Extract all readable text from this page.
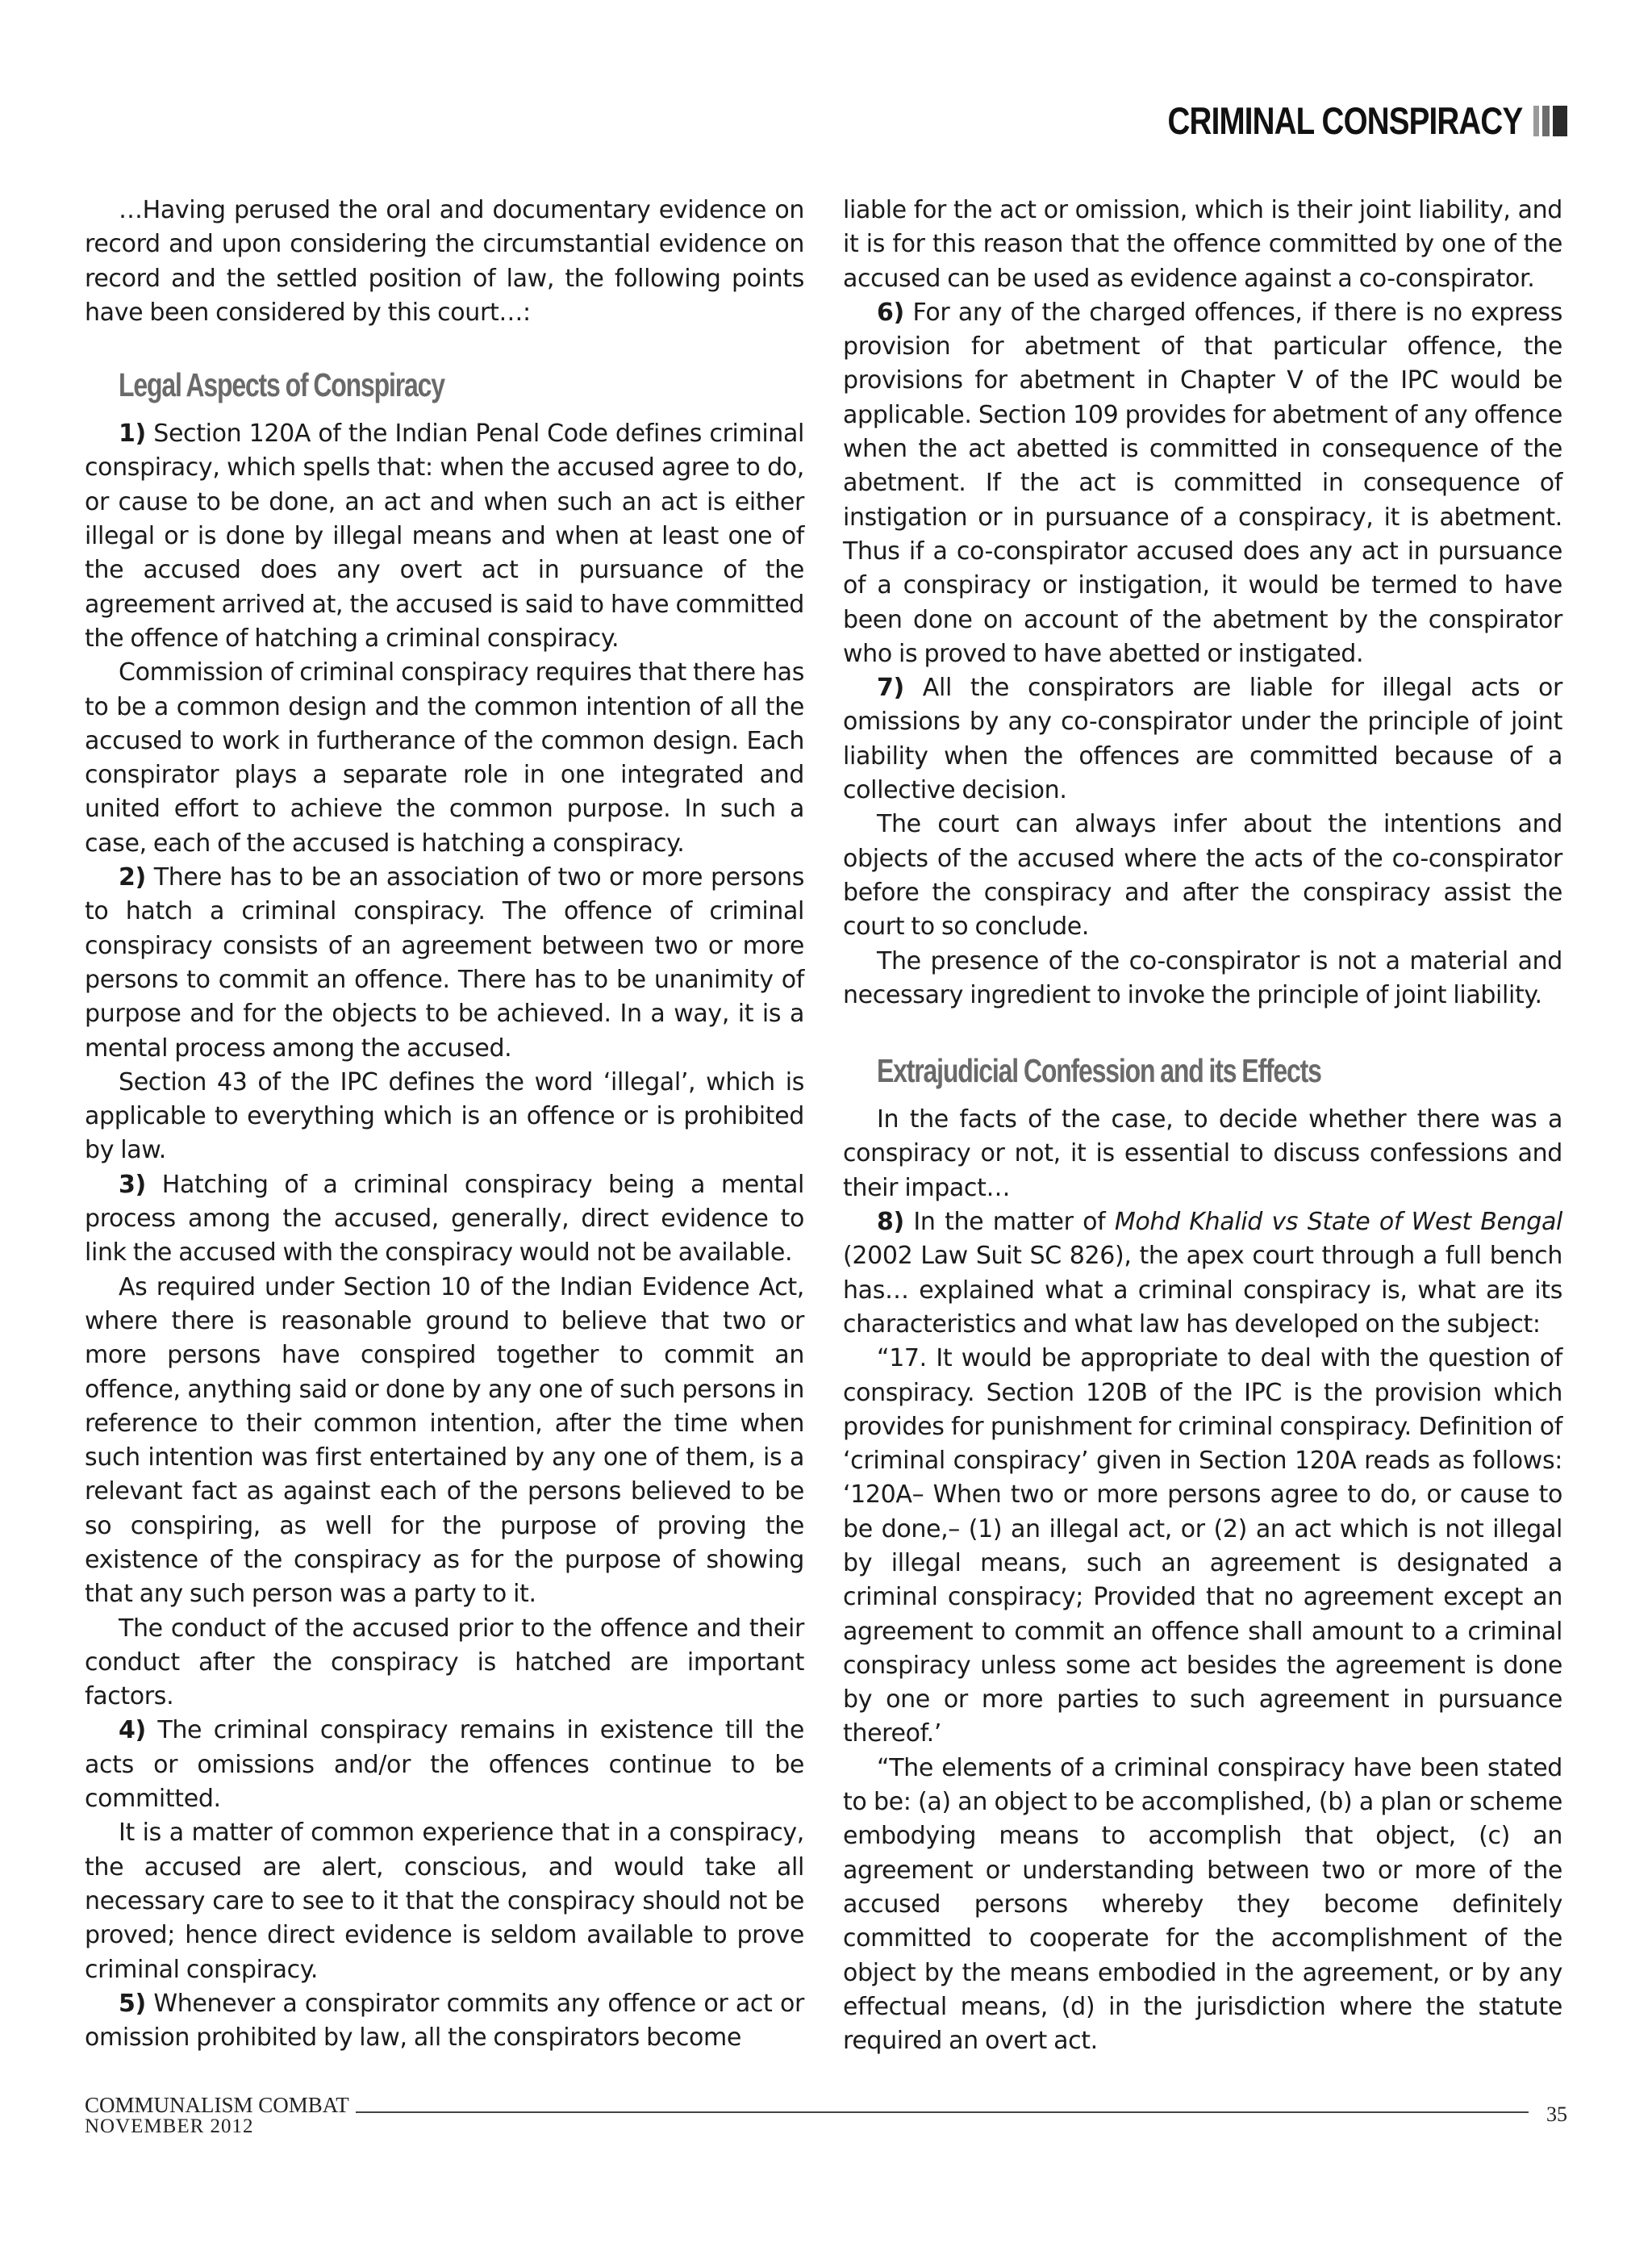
CRIMINAL CONSPIRACY

…Having perused the oral and documentary evidence on record and upon considering the circumstantial evidence on record and the settled position of law, the following points have been considered by this court…:

Legal Aspects of Conspiracy

1) Section 120A of the Indian Penal Code defines criminal conspiracy, which spells that: when the accused agree to do, or cause to be done, an act and when such an act is either illegal or is done by illegal means and when at least one of the accused does any overt act in pursuance of the agreement arrived at, the accused is said to have committed the offence of hatching a criminal conspiracy.

Commission of criminal conspiracy requires that there has to be a common design and the common intention of all the accused to work in furtherance of the common design. Each conspirator plays a separate role in one integrated and united effort to achieve the common purpose. In such a case, each of the accused is hatching a conspiracy.

2) There has to be an association of two or more persons to hatch a criminal conspiracy. The offence of criminal conspiracy consists of an agreement between two or more persons to commit an offence. There has to be unanimity of purpose and for the objects to be achieved. In a way, it is a mental process among the accused.

Section 43 of the IPC defines the word ‘illegal’, which is applicable to everything which is an offence or is prohibited by law.

3) Hatching of a criminal conspiracy being a mental process among the accused, generally, direct evidence to link the accused with the conspiracy would not be available.

As required under Section 10 of the Indian Evidence Act, where there is reasonable ground to believe that two or more persons have conspired together to commit an offence, anything said or done by any one of such persons in reference to their common intention, after the time when such intention was first entertained by any one of them, is a relevant fact as against each of the persons believed to be so conspiring, as well for the purpose of proving the existence of the conspiracy as for the purpose of showing that any such person was a party to it.

The conduct of the accused prior to the offence and their conduct after the conspiracy is hatched are important factors.

4) The criminal conspiracy remains in existence till the acts or omissions and/or the offences continue to be committed.

It is a matter of common experience that in a conspiracy, the accused are alert, conscious, and would take all necessary care to see to it that the conspiracy should not be proved; hence direct evidence is seldom available to prove criminal conspiracy.

5) Whenever a conspirator commits any offence or act or omission prohibited by law, all the conspirators become

liable for the act or omission, which is their joint liability, and it is for this reason that the offence committed by one of the accused can be used as evidence against a co-conspirator.

6) For any of the charged offences, if there is no express provision for abetment of that particular offence, the provisions for abetment in Chapter V of the IPC would be applicable. Section 109 provides for abetment of any offence when the act abetted is committed in consequence of the abetment. If the act is committed in consequence of instigation or in pursuance of a conspiracy, it is abetment. Thus if a co-conspirator accused does any act in pursuance of a conspiracy or instigation, it would be termed to have been done on account of the abetment by the conspirator who is proved to have abetted or instigated.

7) All the conspirators are liable for illegal acts or omissions by any co-conspirator under the principle of joint liability when the offences are committed because of a collective decision.

The court can always infer about the intentions and objects of the accused where the acts of the co-conspirator before the conspiracy and after the conspiracy assist the court to so conclude.

The presence of the co-conspirator is not a material and necessary ingredient to invoke the principle of joint liability.

Extrajudicial Confession and its Effects

In the facts of the case, to decide whether there was a conspiracy or not, it is essential to discuss confessions and their impact…

8) In the matter of Mohd Khalid vs State of West Bengal (2002 Law Suit SC 826), the apex court through a full bench has… explained what a criminal conspiracy is, what are its characteristics and what law has developed on the subject:

“17. It would be appropriate to deal with the question of conspiracy. Section 120B of the IPC is the provision which provides for punishment for criminal conspiracy. Definition of ‘criminal conspiracy’ given in Section 120A reads as follows: ‘120A– When two or more persons agree to do, or cause to be done,– (1) an illegal act, or (2) an act which is not illegal by illegal means, such an agreement is designated a criminal conspiracy; Provided that no agreement except an agreement to commit an offence shall amount to a criminal conspiracy unless some act besides the agreement is done by one or more parties to such agreement in pursuance thereof.’

“The elements of a criminal conspiracy have been stated to be: (a) an object to be accomplished, (b) a plan or scheme embodying means to accomplish that object, (c) an agreement or understanding between two or more of the accused persons whereby they become definitely committed to cooperate for the accomplishment of the object by the means embodied in the agreement, or by any effectual means, (d) in the jurisdiction where the statute required an overt act.

COMMUNALISM COMBAT
NOVEMBER 2012
35
